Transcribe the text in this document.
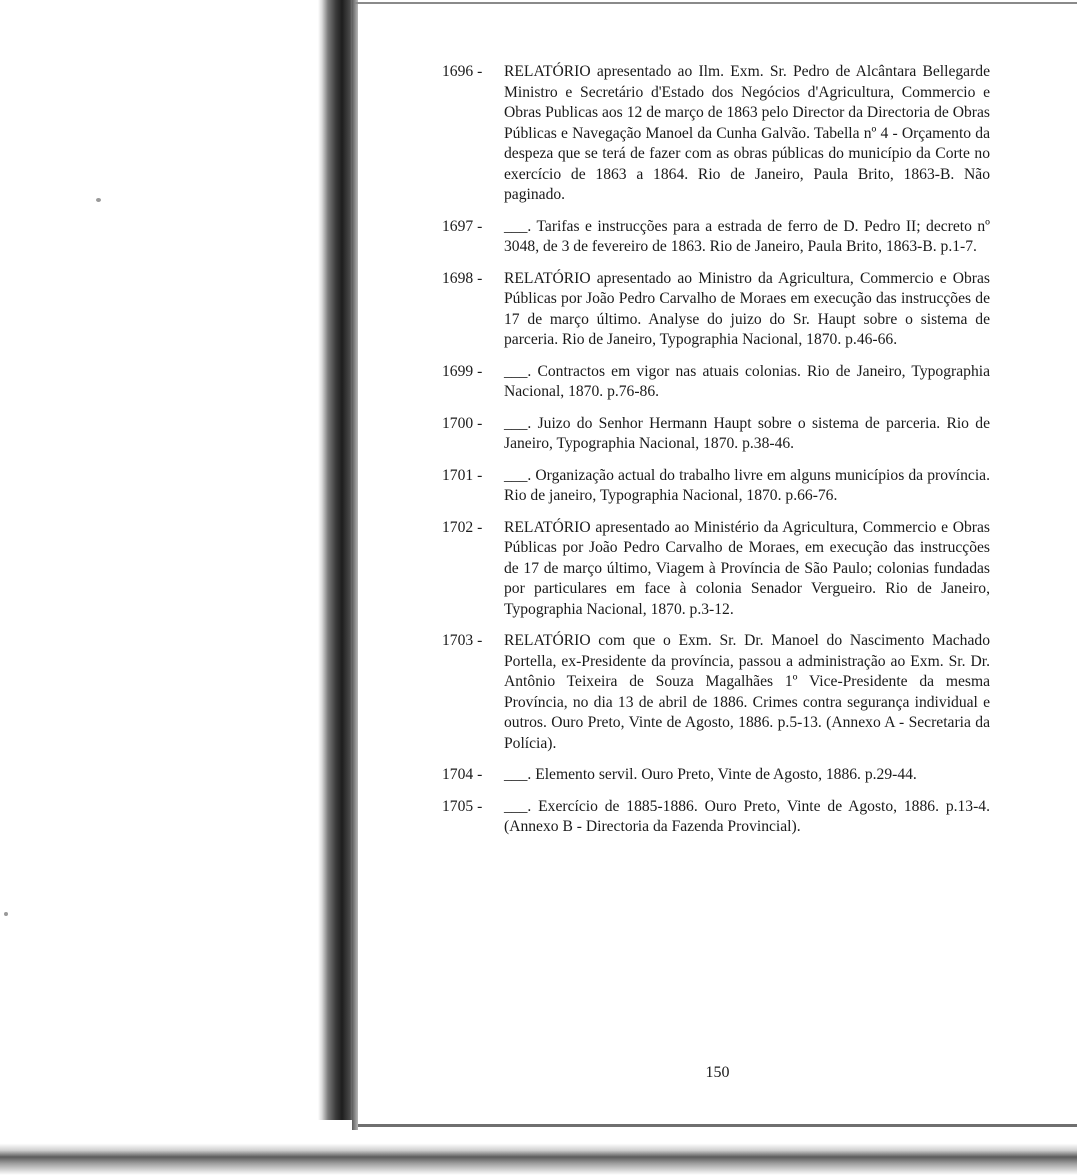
1696 -	RELATÓRIO apresentado ao Ilm. Exm. Sr. Pedro de Alcântara Bellegarde Ministro e Secretário d'Estado dos Negócios d'Agricultura, Commercio e Obras Publicas aos 12 de março de 1863 pelo Director da Directoria de Obras Públicas e Navegação Manoel da Cunha Galvão. Tabella nº 4 - Orçamento da despeza que se terá de fazer com as obras públicas do município da Corte no exercício de 1863 a 1864. Rio de Janeiro, Paula Brito, 1863-B. Não paginado.
1697 -	___. Tarifas e instrucções para a estrada de ferro de D. Pedro II; decreto nº 3048, de 3 de fevereiro de 1863. Rio de Janeiro, Paula Brito, 1863-B. p.1-7.
1698 -	RELATÓRIO apresentado ao Ministro da Agricultura, Commercio e Obras Públicas por João Pedro Carvalho de Moraes em execução das instrucções de 17 de março último. Analyse do juizo do Sr. Haupt sobre o sistema de parceria. Rio de Janeiro, Typographia Nacional, 1870. p.46-66.
1699 -	___. Contractos em vigor nas atuais colonias. Rio de Janeiro, Typographia Nacional, 1870. p.76-86.
1700 -	___. Juizo do Senhor Hermann Haupt sobre o sistema de parceria. Rio de Janeiro, Typographia Nacional, 1870. p.38-46.
1701 -	___. Organização actual do trabalho livre em alguns municípios da província. Rio de janeiro, Typographia Nacional, 1870. p.66-76.
1702 -	RELATÓRIO apresentado ao Ministério da Agricultura, Commercio e Obras Públicas por João Pedro Carvalho de Moraes, em execução das instrucções de 17 de março último, Viagem à Província de São Paulo; colonias fundadas por particulares em face à colonia Senador Vergueiro. Rio de Janeiro, Typographia Nacional, 1870. p.3-12.
1703 -	RELATÓRIO com que o Exm. Sr. Dr. Manoel do Nascimento Machado Portella, ex-Presidente da província, passou a administração ao Exm. Sr. Dr. Antônio Teixeira de Souza Magalhães 1º Vice-Presidente da mesma Província, no dia 13 de abril de 1886. Crimes contra segurança individual e outros. Ouro Preto, Vinte de Agosto, 1886. p.5-13. (Annexo A - Secretaria da Polícia).
1704 -	___. Elemento servil. Ouro Preto, Vinte de Agosto, 1886. p.29-44.
1705 -	___. Exercício de 1885-1886. Ouro Preto, Vinte de Agosto, 1886. p.13-4. (Annexo B - Directoria da Fazenda Provincial).
150
